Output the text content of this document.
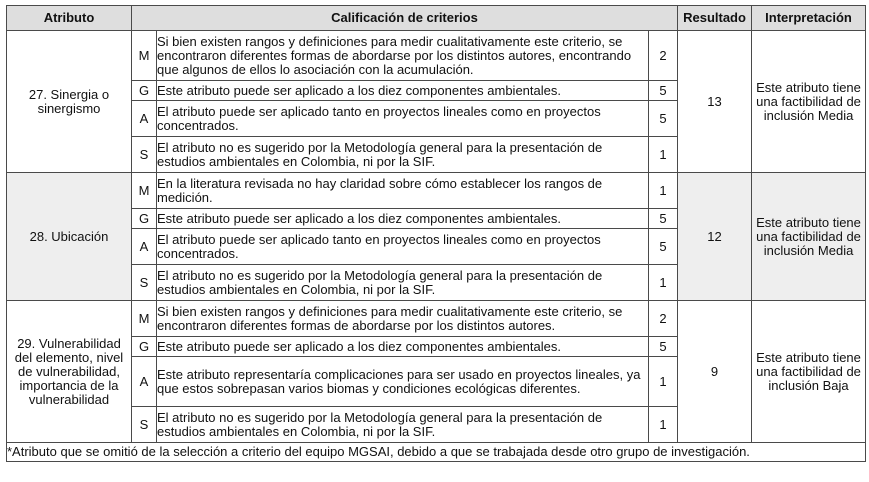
Atributo	Calificación de criterios			Resultado	Interpretación
27. Sinergia o sinergismo	M	Si bien existen rangos y definiciones para medir cualitativamente este criterio, se encontraron diferentes formas de abordarse por los distintos autores, encontrando que algunos de ellos lo asociación con la acumulación.	2	13	Este atributo tiene una factibilidad de inclusión Media
	G	Este atributo puede ser aplicado a los diez componentes ambientales.	5		
	A	El atributo puede ser aplicado tanto en proyectos lineales como en proyectos concentrados.	5		
	S	El atributo no es sugerido por la Metodología general para la presentación de estudios ambientales en Colombia, ni por la SIF.	1		
28. Ubicación	M	En la literatura revisada no hay claridad sobre cómo establecer los rangos de medición.	1	12	Este atributo tiene una factibilidad de inclusión Media
	G	Este atributo puede ser aplicado a los diez componentes ambientales.	5		
	A	El atributo puede ser aplicado tanto en proyectos lineales como en proyectos concentrados.	5		
	S	El atributo no es sugerido por la Metodología general para la presentación de estudios ambientales en Colombia, ni por la SIF.	1		
29. Vulnerabilidad del elemento, nivel de vulnerabilidad, importancia de la vulnerabilidad	M	Si bien existen rangos y definiciones para medir cualitativamente este criterio, se encontraron diferentes formas de abordarse por los distintos autores.	2	9	Este atributo tiene una factibilidad de inclusión Baja
	G	Este atributo puede ser aplicado a los diez componentes ambientales.	5		
	A	Este atributo representaría complicaciones para ser usado en proyectos lineales, ya que estos sobrepasan varios biomas y condiciones ecológicas diferentes.	1		
	S	El atributo no es sugerido por la Metodología general para la presentación de estudios ambientales en Colombia, ni por la SIF.	1		
*Atributo que se omitió de la selección a criterio del equipo MGSAI, debido a que se trabajada desde otro grupo de investigación.					
